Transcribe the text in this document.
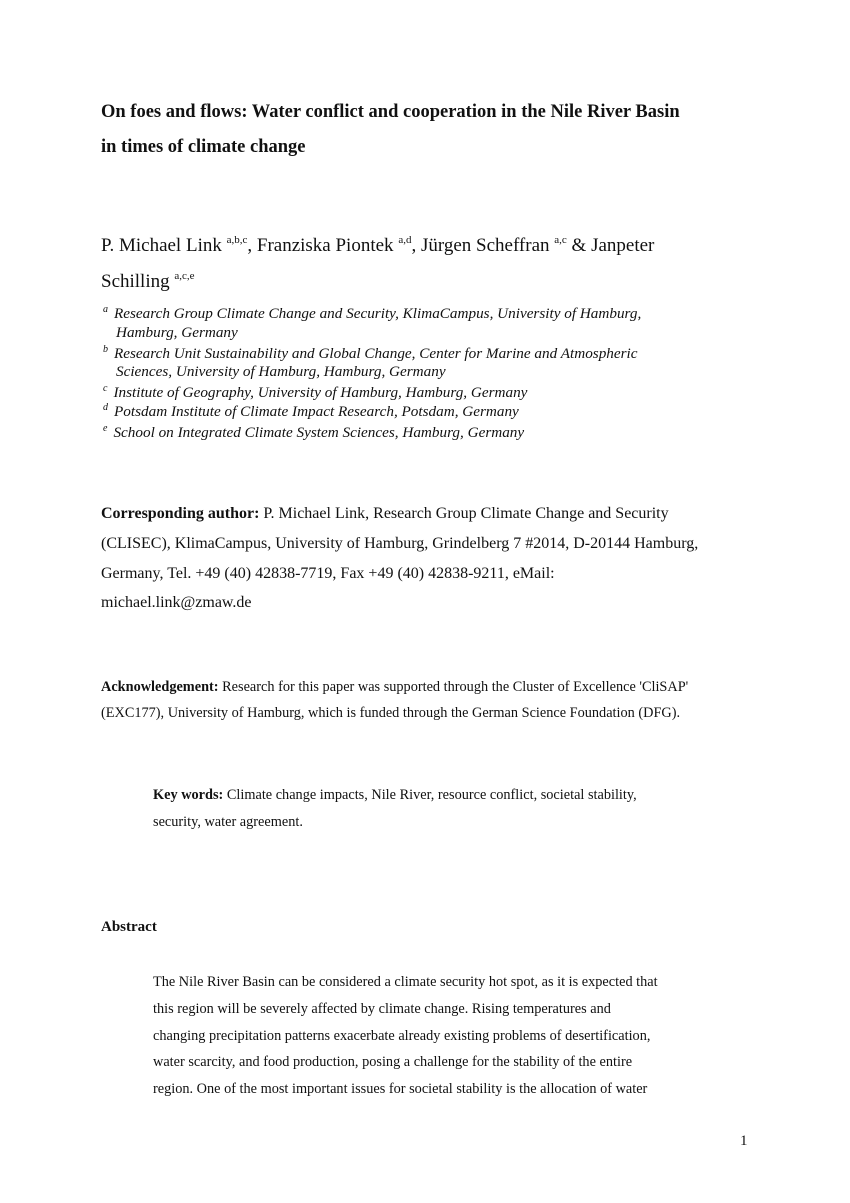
On foes and flows: Water conflict and cooperation in the Nile River Basin
in times of climate change
P. Michael Link $^{a,b,c}$, Franziska Piontek $^{a,d}$, Jürgen Scheffran $^{a,c}$ & Janpeter
Schilling $^{a,c,e}$
$^a$ Research Group Climate Change and Security, KlimaCampus, University of Hamburg,
Hamburg, Germany
$^b$ Research Unit Sustainability and Global Change, Center for Marine and Atmospheric
Sciences, University of Hamburg, Hamburg, Germany
$^c$ Institute of Geography, University of Hamburg, Hamburg, Germany
$^d$ Potsdam Institute of Climate Impact Research, Potsdam, Germany
$^e$ School on Integrated Climate System Sciences, Hamburg, Germany
Corresponding author: P. Michael Link, Research Group Climate Change and Security
(CLISEC), KlimaCampus, University of Hamburg, Grindelberg 7 #2014, D-20144 Hamburg,
Germany, Tel. +49 (40) 42838-7719, Fax +49 (40) 42838-9211, eMail:
michael.link@zmaw.de
Acknowledgement: Research for this paper was supported through the Cluster of Excellence 'CliSAP'
(EXC177), University of Hamburg, which is funded through the German Science Foundation (DFG).
Key words: Climate change impacts, Nile River, resource conflict, societal stability,
security, water agreement.
Abstract
The Nile River Basin can be considered a climate security hot spot, as it is expected that
this region will be severely affected by climate change. Rising temperatures and
changing precipitation patterns exacerbate already existing problems of desertification,
water scarcity, and food production, posing a challenge for the stability of the entire
region. One of the most important issues for societal stability is the allocation of water
1
